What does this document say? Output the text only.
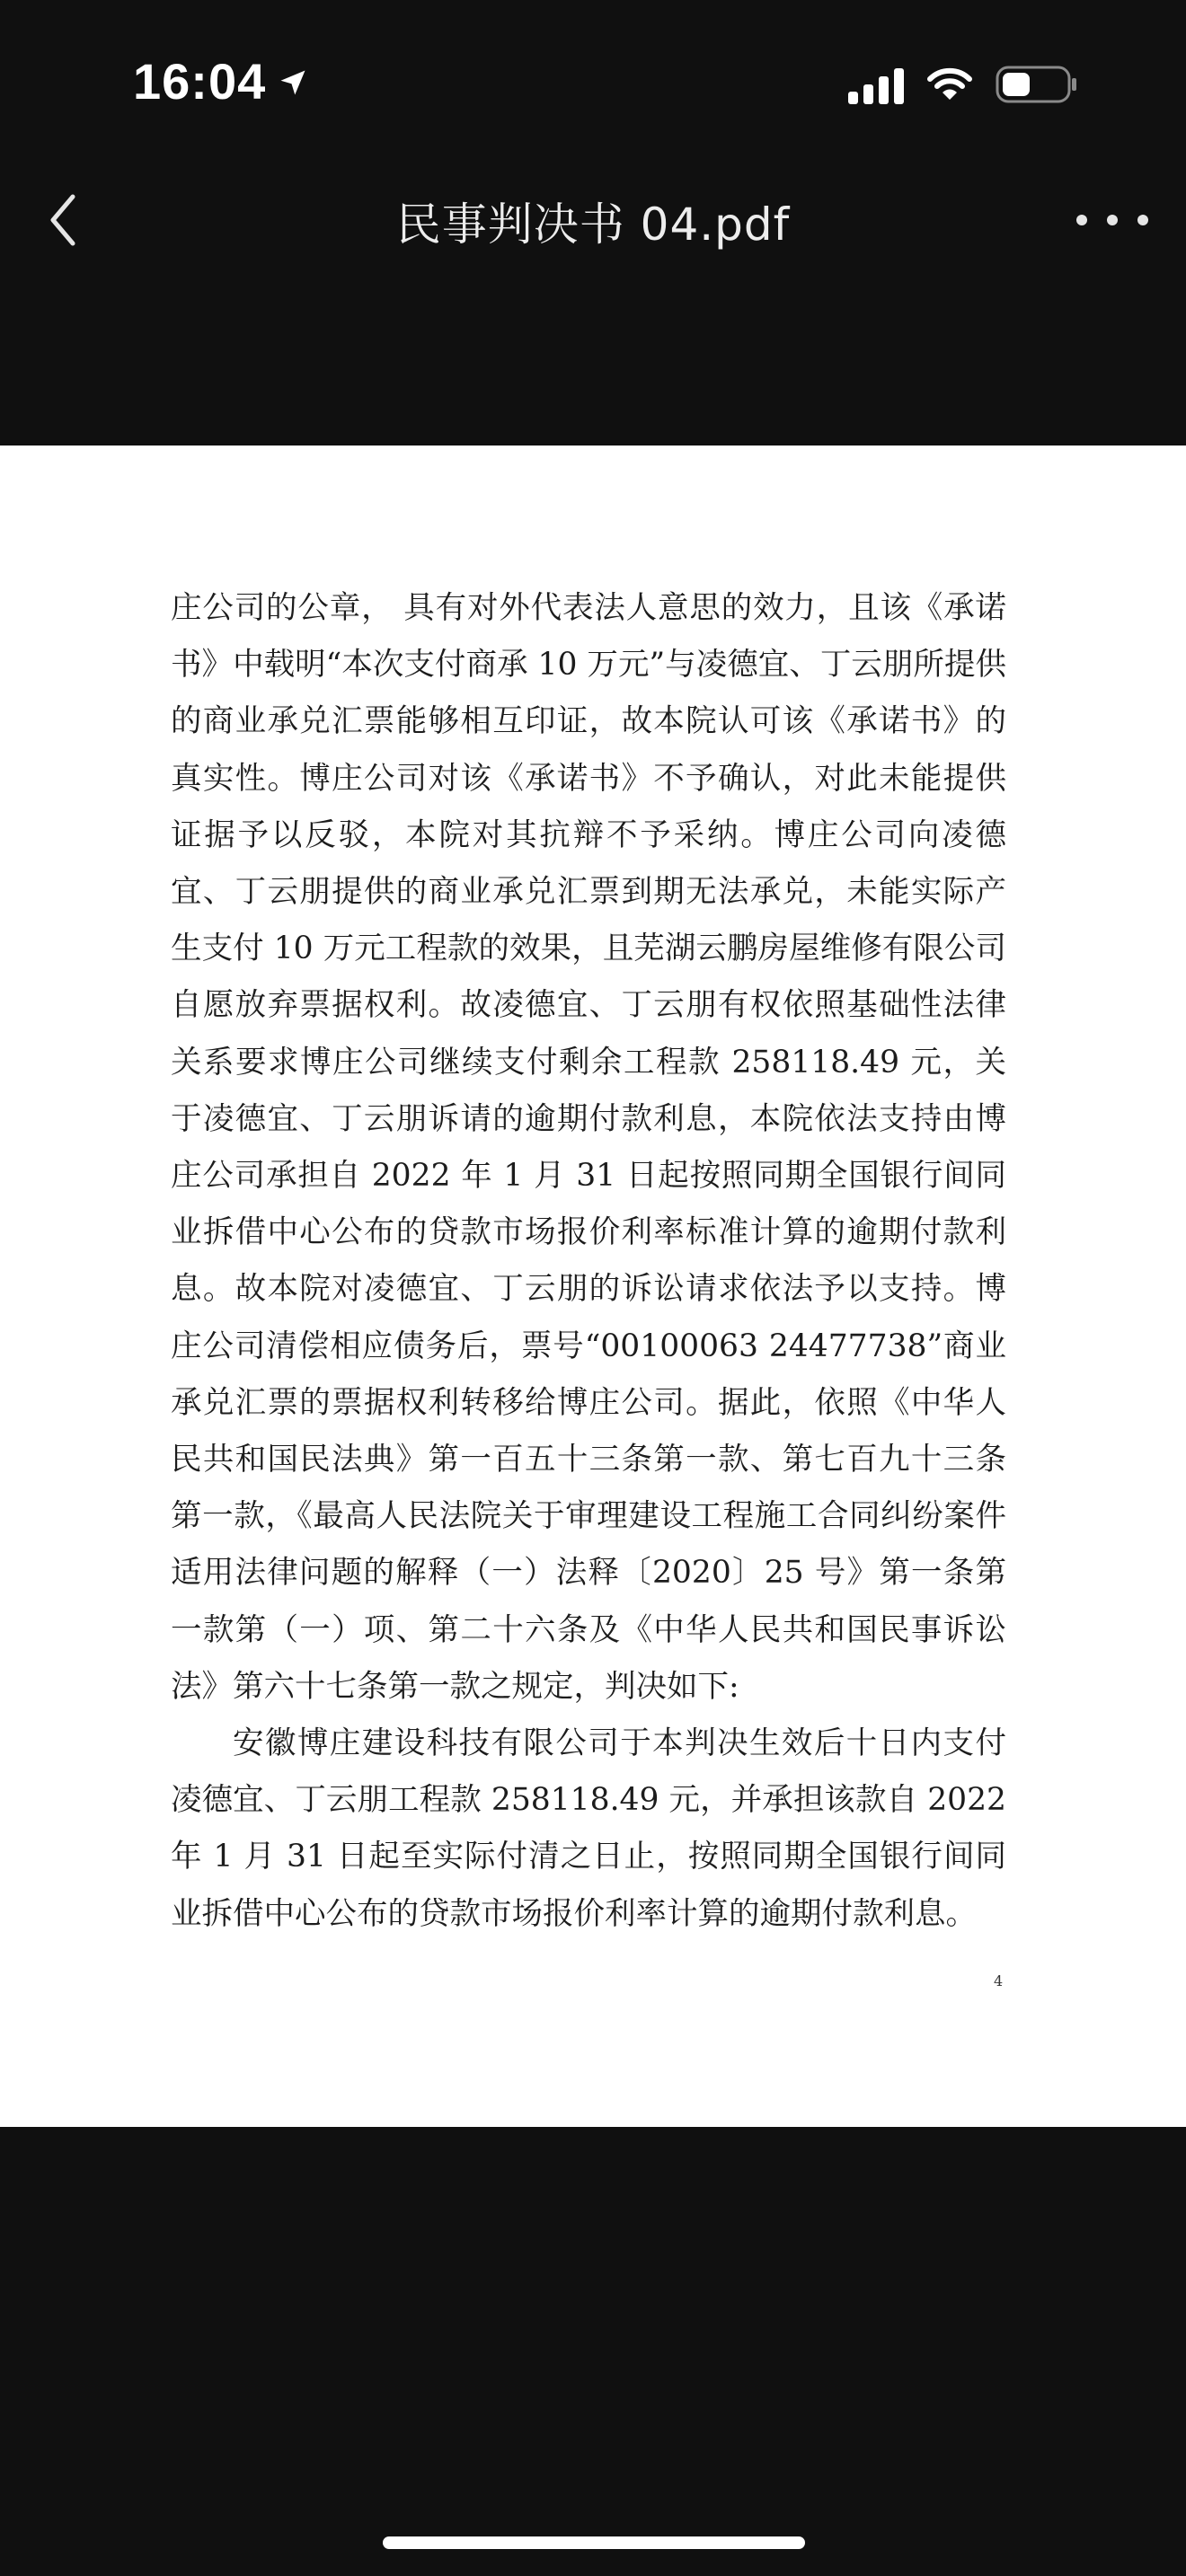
16:04
民事判决书 04.pdf

庄公司的公章， 具有对外代表法人意思的效力，且该《承诺书》中载明“本次支付商承 10 万元”与凌德宜、丁云朋所提供的商业承兑汇票能够相互印证，故本院认可该《承诺书》的真实性。博庄公司对该《承诺书》不予确认，对此未能提供证据予以反驳，本院对其抗辩不予采纳。博庄公司向凌德宜、丁云朋提供的商业承兑汇票到期无法承兑，未能实际产生支付 10 万元工程款的效果，且芜湖云鹏房屋维修有限公司自愿放弃票据权利。故凌德宜、丁云朋有权依照基础性法律关系要求博庄公司继续支付剩余工程款 258118.49 元，关于凌德宜、丁云朋诉请的逾期付款利息，本院依法支持由博庄公司承担自 2022 年 1 月 31 日起按照同期全国银行间同业拆借中心公布的贷款市场报价利率标准计算的逾期付款利息。故本院对凌德宜、丁云朋的诉讼请求依法予以支持。博庄公司清偿相应债务后，票号“00100063 24477738”商业承兑汇票的票据权利转移给博庄公司。据此，依照《中华人民共和国民法典》第一百五十三条第一款、第七百九十三条第一款，《最高人民法院关于审理建设工程施工合同纠纷案件适用法律问题的解释（一）法释〔2020〕25 号》第一条第一款第（一）项、第二十六条及《中华人民共和国民事诉讼法》第六十七条第一款之规定，判决如下:

安徽博庄建设科技有限公司于本判决生效后十日内支付凌德宜、丁云朋工程款 258118.49 元，并承担该款自 2022 年 1 月 31 日起至实际付清之日止，按照同期全国银行间同业拆借中心公布的贷款市场报价利率计算的逾期付款利息。

4
